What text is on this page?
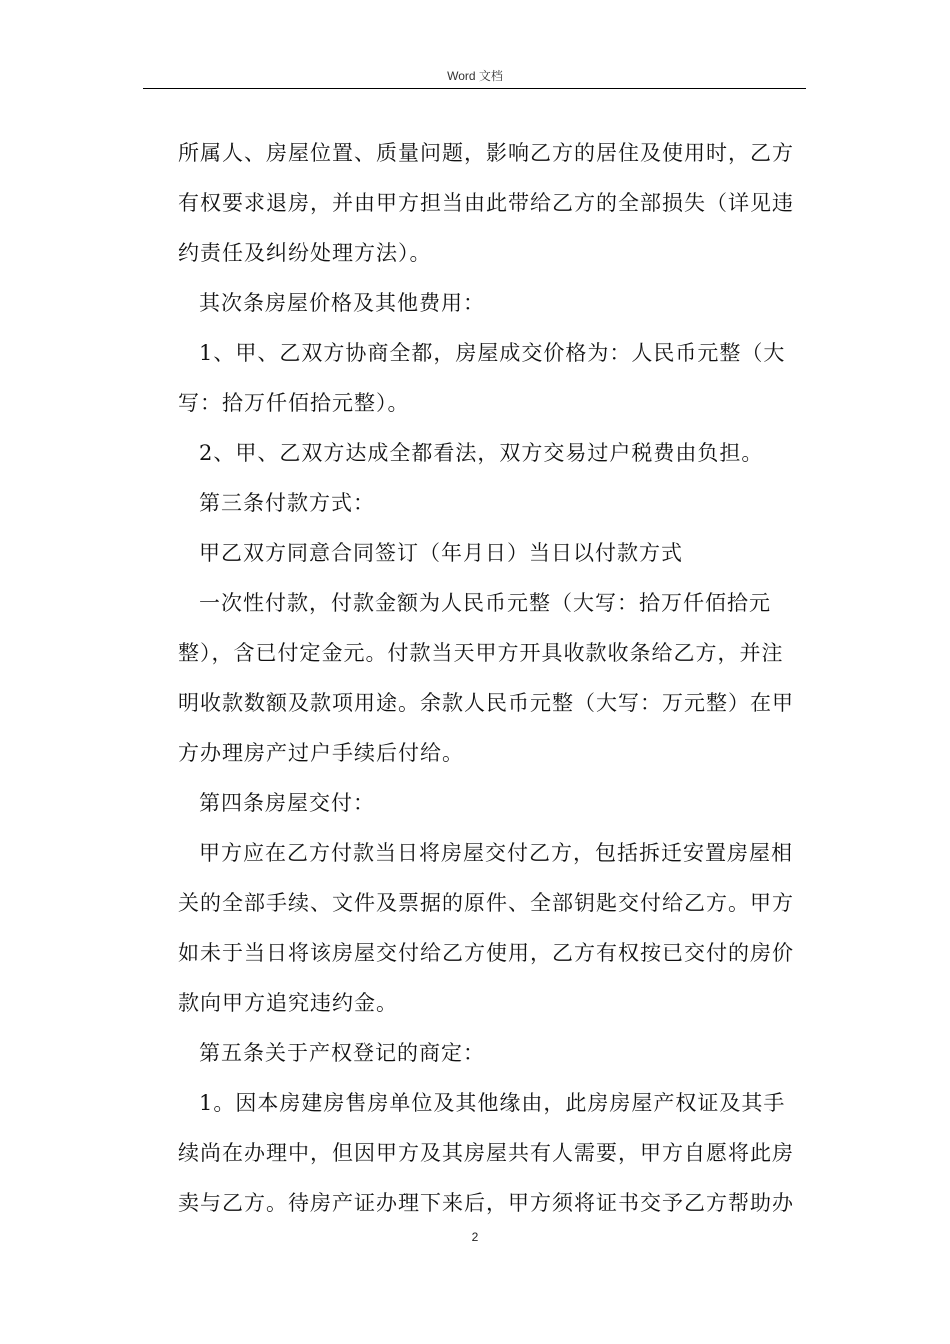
Word 文档
所属人、房屋位置、质量问题，影响乙方的居住及使用时，乙方
有权要求退房，并由甲方担当由此带给乙方的全部损失（详见违
约责任及纠纷处理方法）。
其次条房屋价格及其他费用：
1、甲、乙双方协商全都，房屋成交价格为：人民币元整（大
写：拾万仟佰拾元整）。
2、甲、乙双方达成全都看法，双方交易过户税费由负担。
第三条付款方式：
甲乙双方同意合同签订（年月日）当日以付款方式
一次性付款，付款金额为人民币元整（大写：拾万仟佰拾元
整），含已付定金元。付款当天甲方开具收款收条给乙方，并注
明收款数额及款项用途。余款人民币元整（大写：万元整）在甲
方办理房产过户手续后付给。
第四条房屋交付：
甲方应在乙方付款当日将房屋交付乙方，包括拆迁安置房屋相
关的全部手续、文件及票据的原件、全部钥匙交付给乙方。甲方
如未于当日将该房屋交付给乙方使用，乙方有权按已交付的房价
款向甲方追究违约金。
第五条关于产权登记的商定：
1。因本房建房售房单位及其他缘由，此房房屋产权证及其手
续尚在办理中，但因甲方及其房屋共有人需要，甲方自愿将此房
卖与乙方。待房产证办理下来后，甲方须将证书交予乙方帮助办
2
